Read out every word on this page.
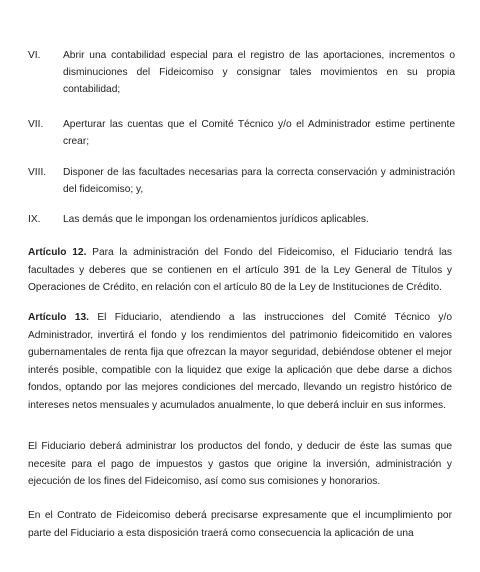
VI. Abrir una contabilidad especial para el registro de las aportaciones, incrementos o disminuciones del Fideicomiso y consignar tales movimientos en su propia contabilidad;
VII. Aperturar las cuentas que el Comité Técnico y/o el Administrador estime pertinente crear;
VIII. Disponer de las facultades necesarias para la correcta conservación y administración del fideicomiso; y,
IX. Las demás que le impongan los ordenamientos jurídicos aplicables.
Artículo 12. Para la administración del Fondo del Fideicomiso, el Fiduciario tendrá las facultades y deberes que se contienen en el artículo 391 de la Ley General de Títulos y Operaciones de Crédito, en relación con el artículo 80 de la Ley de Instituciones de Crédito.
Artículo 13. El Fiduciario, atendiendo a las instrucciones del Comité Técnico y/o Administrador, invertirá el fondo y los rendimientos del patrimonio fideicomitido en valores gubernamentales de renta fija que ofrezcan la mayor seguridad, debiéndose obtener el mejor interés posible, compatible con la liquidez que exige la aplicación que debe darse a dichos fondos, optando por las mejores condiciones del mercado, llevando un registro histórico de intereses netos mensuales y acumulados anualmente, lo que deberá incluir en sus informes.
El Fiduciario deberá administrar los productos del fondo, y deducir de éste las sumas que necesite para el pago de impuestos y gastos que origine la inversión, administración y ejecución de los fines del Fideicomiso, así como sus comisiones y honorarios.
En el Contrato de Fideicomiso deberá precisarse expresamente que el incumplimiento por parte del Fiduciario a esta disposición traerá como consecuencia la aplicación de una
